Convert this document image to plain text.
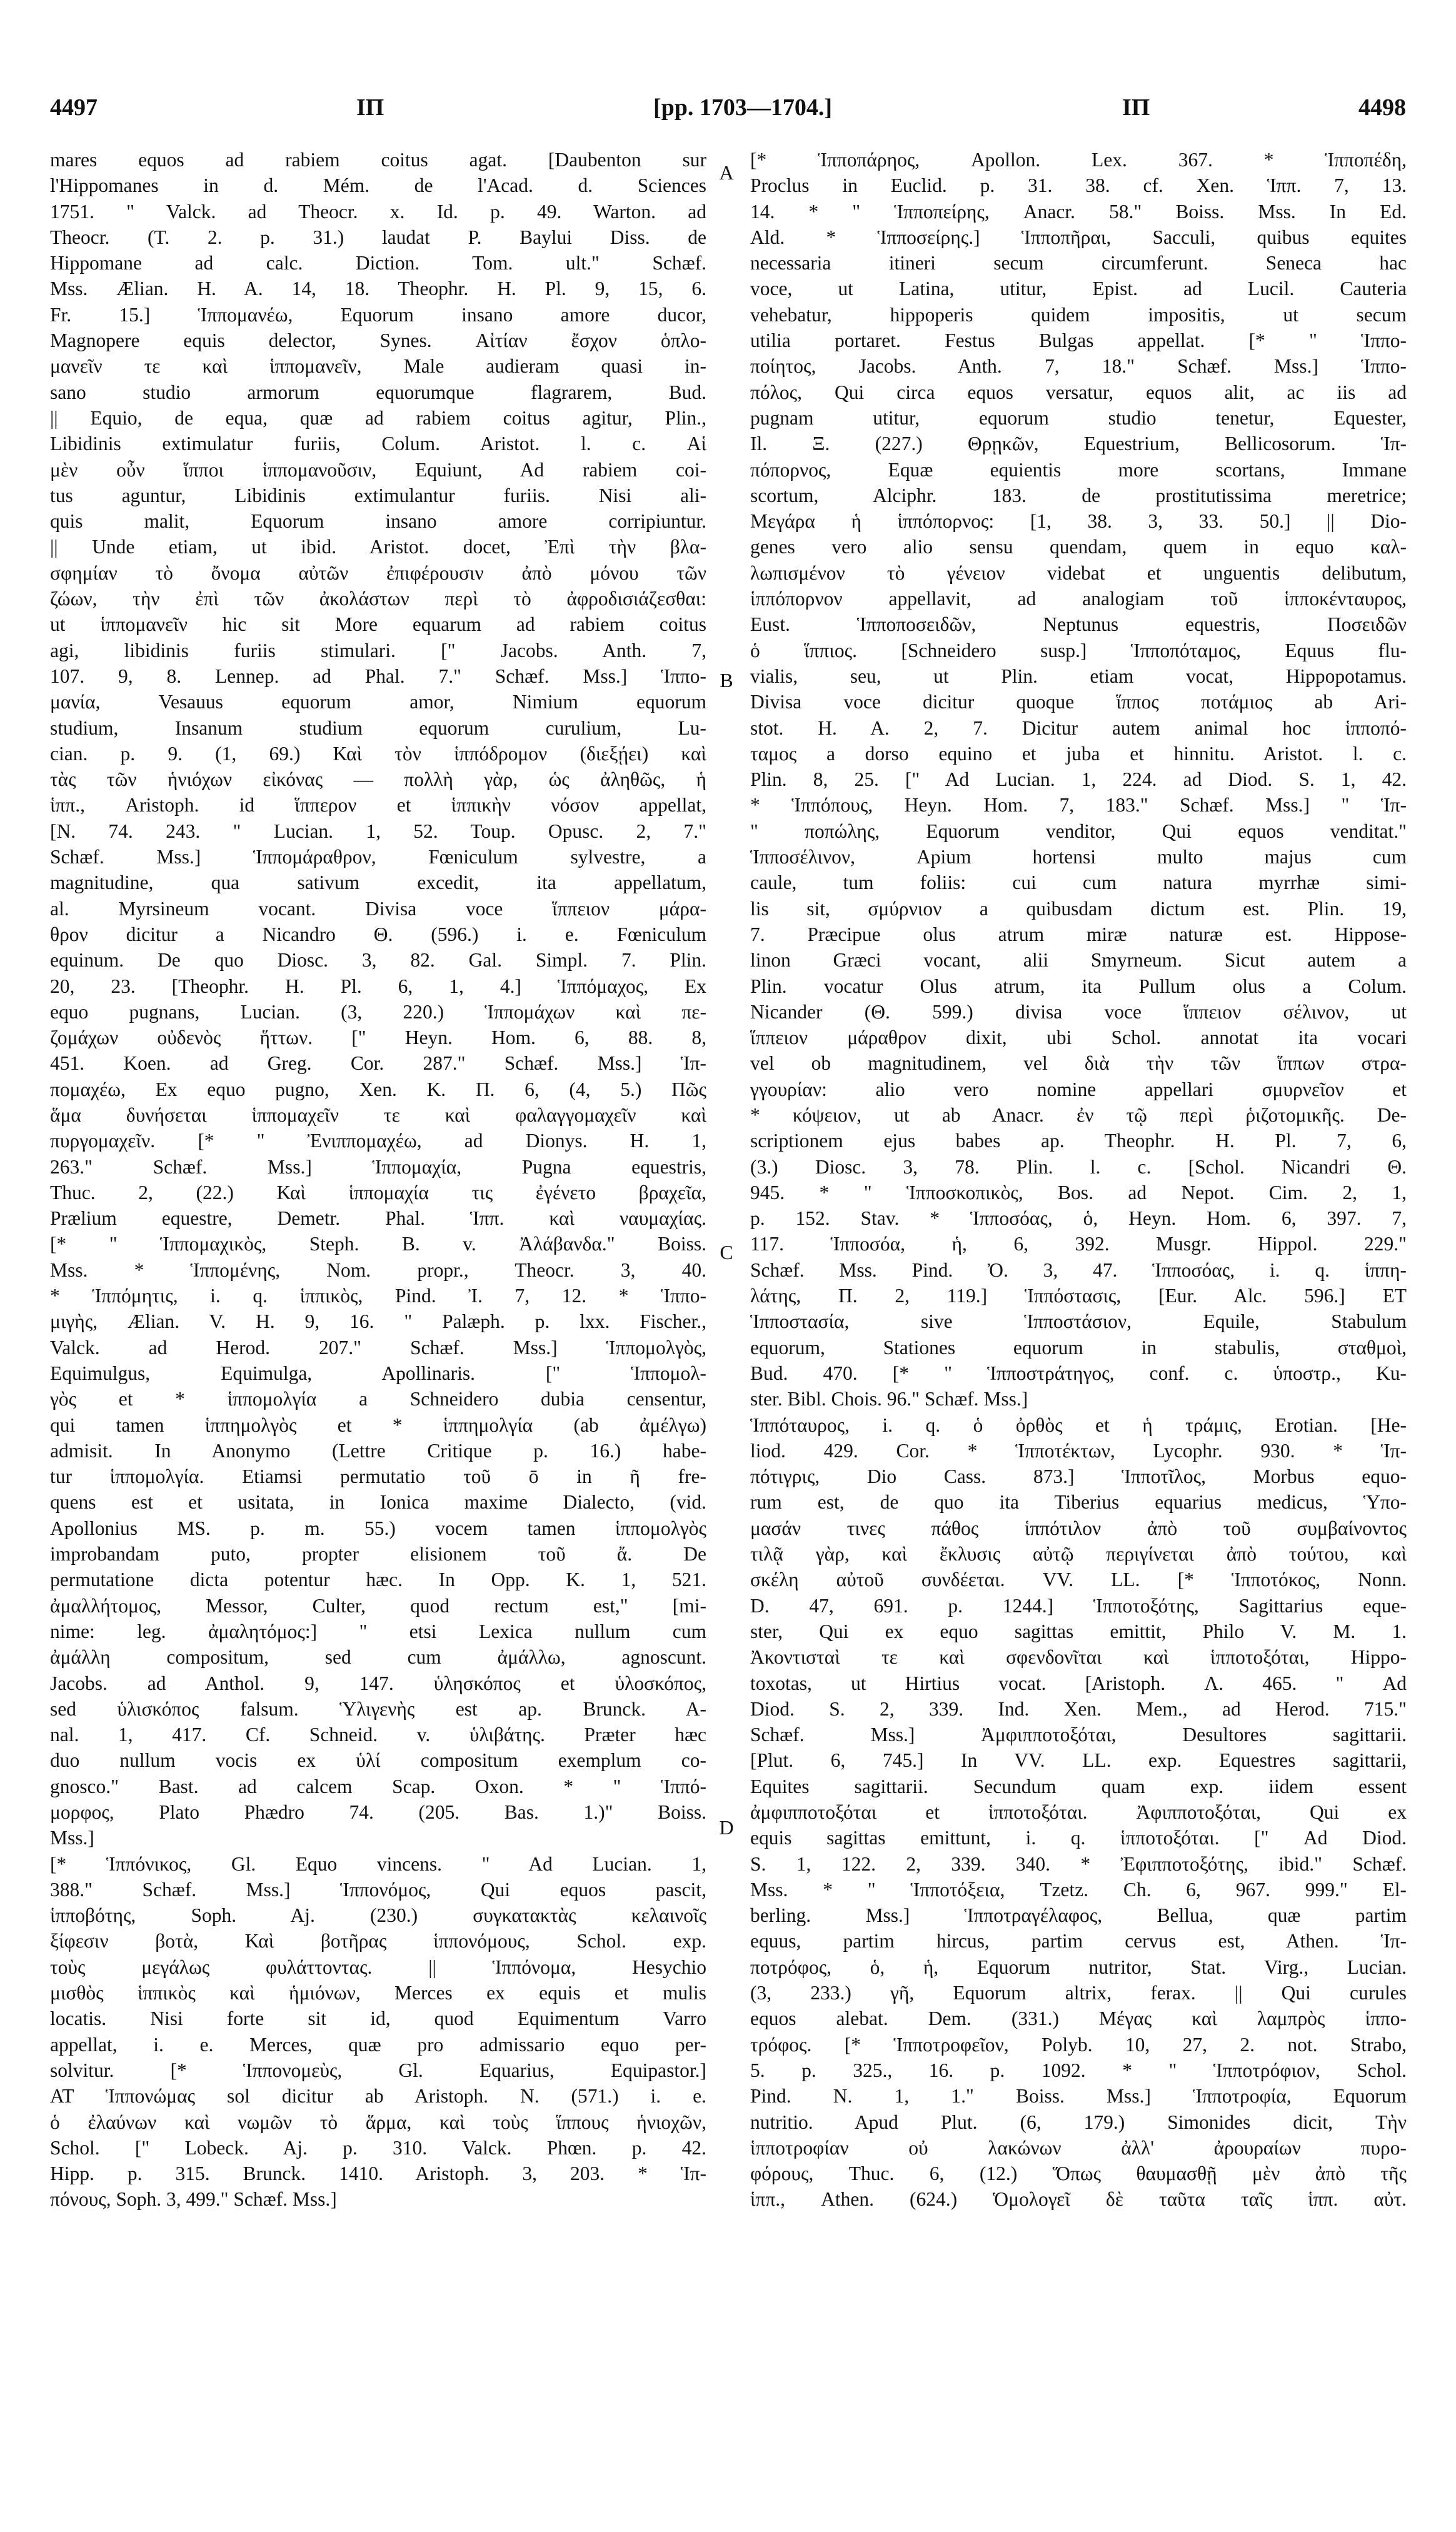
4497	ΙΠ	[pp. 1703—1704.]	ΙΠ	4498
mares equos ad rabiem coitus agat. [Daubenton sur
l'Hippomanes in d. Mém. de l'Acad. d. Sciences
1751. " Valck. ad Theocr. x. Id. p. 49. Warton. ad
Theocr. (T. 2. p. 31.) laudat P. Baylui Diss. de
Hippomane ad calc. Diction. Tom. ult." Schæf.
Mss. Ælian. H. A. 14, 18. Theophr. H. Pl. 9, 15, 6.
Fr. 15.] Ἱππομανέω, Equorum insano amore ducor,
Magnopere equis delector, Synes. Αἰτίαν ἔσχον ὁπλο-
μανεῖν τε καὶ ἱππομανεῖν, Male audieram quasi in-
sano studio armorum equorumque flagrarem, Bud.
|| Equio, de equa, quæ ad rabiem coitus agitur, Plin.,
Libidinis extimulatur furiis, Colum. Aristot. l. c. Αἱ
μὲν οὖν ἵπποι ἱππομανοῦσιν, Equiunt, Ad rabiem coi-
tus aguntur, Libidinis extimulantur furiis. Nisi ali-
quis malit, Equorum insano amore corripiuntur.
|| Unde etiam, ut ibid. Aristot. docet, Ἐπὶ τὴν βλα-
σφημίαν τὸ ὄνομα αὐτῶν ἐπιφέρουσιν ἀπὸ μόνου τῶν
ζώων, τὴν ἐπὶ τῶν ἀκολάστων περὶ τὸ ἀφροδισιάζεσθαι:
ut ἱππομανεῖν hic sit More equarum ad rabiem coitus
agi, libidinis furiis stimulari. [" Jacobs. Anth. 7,
107. 9, 8. Lennep. ad Phal. 7." Schæf. Mss.] Ἱππο-
μανία, Vesauus equorum amor, Nimium equorum
studium, Insanum studium equorum curulium, Lu-
cian. p. 9. (1, 69.) Καὶ τὸν ἱππόδρομον (διεξῄει) καὶ
τὰς τῶν ἡνιόχων εἰκόνας — πολλὴ γὰρ, ὡς ἀληθῶς, ἡ
ἱππ., Aristoph. id ἵππερον et ἱππικὴν νόσον appellat,
[N. 74. 243. " Lucian. 1, 52. Toup. Opusc. 2, 7."
Schæf. Mss.] Ἱππομάραθρον, Fœniculum sylvestre, a
magnitudine, qua sativum excedit, ita appellatum,
al. Myrsineum vocant. Divisa voce ἵππειον μάρα-
θρον dicitur a Nicandro Θ. (596.) i. e. Fœniculum
equinum. De quo Diosc. 3, 82. Gal. Simpl. 7. Plin.
20, 23. [Theophr. H. Pl. 6, 1, 4.] Ἱππόμαχος, Ex
equo pugnans, Lucian. (3, 220.) Ἱππομάχων καὶ πε-
ζομάχων οὐδενὸς ἥττων. [" Heyn. Hom. 6, 88. 8,
451. Koen. ad Greg. Cor. 287." Schæf. Mss.] Ἱπ-
πομαχέω, Ex equo pugno, Xen. K. Π. 6, (4, 5.) Πῶς
ἅμα δυνήσεται ἱππομαχεῖν τε καὶ φαλαγγομαχεῖν καὶ
πυργομαχεῖν. [* " Ἐνιππομαχέω, ad Dionys. H. 1,
263." Schæf. Mss.] Ἱππομαχία, Pugna equestris,
Thuc. 2, (22.) Καὶ ἱππομαχία τις ἐγένετο βραχεῖα,
Prælium equestre, Demetr. Phal. Ἱππ. καὶ ναυμαχίας.
[* " Ἱππομαχικὸς, Steph. B. v. Ἀλάβανδα." Boiss.
Mss. * Ἱππομένης, Nom. propr., Theocr. 3, 40.
* Ἱππόμητις, i. q. ἱππικὸς, Pind. Ἰ. 7, 12. * Ἱππο-
μιγὴς, Ælian. V. H. 9, 16. " Palæph. p. lxx. Fischer.,
Valck. ad Herod. 207." Schæf. Mss.] Ἱππομολγὸς,
Equimulgus, Equimulga, Apollinaris. [" Ἱππομολ-
γὸς et * ἱππομολγία a Schneidero dubia censentur,
qui tamen ἱππημολγὸς et * ἱππημολγία (ab ἀμέλγω)
admisit. In Anonymo (Lettre Critique p. 16.) habe-
tur ἱππομολγία. Etiamsi permutatio τοῦ ō in ῆ fre-
quens est et usitata, in Ionica maxime Dialecto, (vid.
Apollonius MS. p. m. 55.) vocem tamen ἱππομολγὸς
improbandam puto, propter elisionem τοῦ ἄ. De
permutatione dicta potentur hæc. In Opp. K. 1, 521.
ἀμαλλήτομος, Messor, Culter, quod rectum est," [mi-
nime: leg. ἀμαλητόμος:] " etsi Lexica nullum cum
ἀμάλλη compositum, sed cum ἀμάλλω, agnoscunt.
Jacobs. ad Anthol. 9, 147. ὑλησκόπος et ὑλοσκόπος,
sed ὑλισκόπος falsum. Ὑλιγενὴς est ap. Brunck. A-
nal. 1, 417. Cf. Schneid. v. ὑλιβάτης. Præter hæc
duo nullum vocis ex ὑλί compositum exemplum co-
gnosco." Bast. ad calcem Scap. Oxon. * " Ἱππό-
μορφος, Plato Phædro 74. (205. Bas. 1.)" Boiss.
Mss.]
[* Ἱππόνικος, Gl. Equo vincens. " Ad Lucian. 1,
388." Schæf. Mss.] Ἱππονόμος, Qui equos pascit,
ἱπποβότης, Soph. Aj. (230.) συγκατακτὰς κελαινοῖς
ξίφεσιν βοτὰ, Καὶ βοτῆρας ἱππονόμους, Schol. exp.
τοὺς μεγάλως φυλάττοντας. || Ἱππόνομα, Hesychio
μισθὸς ἱππικὸς καὶ ἡμιόνων, Merces ex equis et mulis
locatis. Nisi forte sit id, quod Equimentum Varro
appellat, i. e. Merces, quæ pro admissario equo per-
solvitur. [* Ἱππονομεὺς, Gl. Equarius, Equipastor.]
ΑΤ Ἱππονώμας sol dicitur ab Aristoph. N. (571.) i. e.
ὁ ἐλαύνων καὶ νωμῶν τὸ ἅρμα, καὶ τοὺς ἵππους ἡνιοχῶν,
Schol. [" Lobeck. Aj. p. 310. Valck. Phœn. p. 42.
Hipp. p. 315. Brunck. 1410. Aristoph. 3, 203. * Ἱπ-
πόνους, Soph. 3, 499." Schæf. Mss.]
A
B
C
D
[* Ἱπποπάρηος, Apollon. Lex. 367. * Ἱπποπέδη,
Proclus in Euclid. p. 31. 38. cf. Xen. Ἱππ. 7, 13.
14. * " Ἱπποπείρης, Anacr. 58." Boiss. Mss. In Ed.
Ald. * Ἱπποσείρης.] Ἱπποπῆραι, Sacculi, quibus equites
necessaria itineri secum circumferunt. Seneca hac
voce, ut Latina, utitur, Epist. ad Lucil. Cauteria
vehebatur, hippoperis quidem impositis, ut secum
utilia portaret. Festus Bulgas appellat. [* " Ἱππο-
ποίητος, Jacobs. Anth. 7, 18." Schæf. Mss.] Ἱππο-
πόλος, Qui circa equos versatur, equos alit, ac iis ad
pugnam utitur, equorum studio tenetur, Equester,
Il. Ξ. (227.) Θρῃκῶν, Equestrium, Bellicosorum. Ἱπ-
πόπορνος, Equæ equientis more scortans, Immane
scortum, Alciphr. 183. de prostitutissima meretrice;
Μεγάρα ἡ ἱππόπορνος: [1, 38. 3, 33. 50.] || Dio-
genes vero alio sensu quendam, quem in equo καλ-
λωπισμένον τὸ γένειον videbat et unguentis delibutum,
ἱππόπορνον appellavit, ad analogiam τοῦ ἱπποκένταυρος,
Eust. Ἱπποποσειδῶν, Neptunus equestris, Ποσειδῶν
ὁ ἵππιος. [Schneidero susp.] Ἱπποπόταμος, Equus flu-
vialis, seu, ut Plin. etiam vocat, Hippopotamus.
Divisa voce dicitur quoque ἵππος ποτάμιος ab Ari-
stot. H. A. 2, 7. Dicitur autem animal hoc ἱπποπό-
ταμος a dorso equino et juba et hinnitu. Aristot. l. c.
Plin. 8, 25. [" Ad Lucian. 1, 224. ad Diod. S. 1, 42.
* Ἱππόπους, Heyn. Hom. 7, 183." Schæf. Mss.] " Ἱπ-
" ποπώλης, Equorum venditor, Qui equos venditat."
Ἱπποσέλινον, Apium hortensi multo majus cum
caule, tum foliis: cui cum natura myrrhæ simi-
lis sit, σμύρνιον a quibusdam dictum est. Plin. 19,
7. Præcipue olus atrum miræ naturæ est. Hippose-
linon Græci vocant, alii Smyrneum. Sicut autem a
Plin. vocatur Olus atrum, ita Pullum olus a Colum.
Nicander (Θ. 599.) divisa voce ἵππειον σέλινον, ut
ἵππειον μάραθρον dixit, ubi Schol. annotat ita vocari
vel ob magnitudinem, vel διὰ τὴν τῶν ἵππων στρα-
γγουρίαν: alio vero nomine appellari σμυρνεῖον et
* κόψειον, ut ab Anacr. ἐν τῷ περὶ ῥιζοτομικῆς. De-
scriptionem ejus babes ap. Theophr. H. Pl. 7, 6,
(3.) Diosc. 3, 78. Plin. l. c. [Schol. Nicandri Θ.
945. * " Ἱπποσκοπικὸς, Bos. ad Nepot. Cim. 2, 1,
p. 152. Stav. * Ἱπποσόας, ὁ, Heyn. Hom. 6, 397. 7,
117. Ἱπποσόα, ἡ, 6, 392. Musgr. Hippol. 229."
Schæf. Mss. Pind. Ὀ. 3, 47. Ἱπποσόας, i. q. ἱππη-
λάτης, Π. 2, 119.] Ἱππόστασις, [Eur. Alc. 596.] ET
Ἱπποστασία, sive Ἱπποστάσιον, Equile, Stabulum
equorum, Stationes equorum in stabulis, σταθμοὶ,
Bud. 470. [* " Ἱπποστράτηγος, conf. c. ὑποστρ., Ku-
ster. Bibl. Chois. 96." Schæf. Mss.]
Ἱππόταυρος, i. q. ὁ ὀρθὸς et ἡ τράμις, Erotian. [He-
liod. 429. Cor. * Ἱπποτέκτων, Lycophr. 930. * Ἱπ-
πότιγρις, Dio Cass. 873.] Ἱπποτῖλος, Morbus equo-
rum est, de quo ita Tiberius equarius medicus, Ὑπο-
μασάν τινες πάθος ἱππότιλον ἀπὸ τοῦ συμβαίνοντος
τιλᾷ γὰρ, καὶ ἔκλυσις αὐτῷ περιγίνεται ἀπὸ τούτου, καὶ
σκέλη αὐτοῦ συνδέεται. VV. LL. [* Ἱπποτόκος, Nonn.
D. 47, 691. p. 1244.] Ἱπποτοξότης, Sagittarius eque-
ster, Qui ex equo sagittas emittit, Philo V. M. 1.
Ἀκοντισταὶ τε καὶ σφενδονῖται καὶ ἱπποτοξόται, Hippo-
toxotas, ut Hirtius vocat. [Aristoph. Λ. 465. " Ad
Diod. S. 2, 339. Ind. Xen. Mem., ad Herod. 715."
Schæf. Mss.] Ἀμφιπποτοξόται, Desultores sagittarii.
[Plut. 6, 745.] In VV. LL. exp. Equestres sagittarii,
Equites sagittarii. Secundum quam exp. iidem essent
ἀμφιπποτοξόται et ἱπποτοξόται. Ἀφιπποτοξόται, Qui ex
equis sagittas emittunt, i. q. ἱπποτοξόται. [" Ad Diod.
S. 1, 122. 2, 339. 340. * Ἐφιπποτοξότης, ibid." Schæf.
Mss. * " Ἱπποτόξεια, Tzetz. Ch. 6, 967. 999." El-
berling. Mss.] Ἱπποτραγέλαφος, Bellua, quæ partim
equus, partim hircus, partim cervus est, Athen. Ἱπ-
ποτρόφος, ὁ, ἡ, Equorum nutritor, Stat. Virg., Lucian.
(3, 233.) γῆ, Equorum altrix, ferax. || Qui curules
equos alebat. Dem. (331.) Μέγας καὶ λαμπρὸς ἱππο-
τρόφος. [* Ἱπποτροφεῖον, Polyb. 10, 27, 2. not. Strabo,
5. p. 325., 16. p. 1092. * " Ἱπποτρόφιον, Schol.
Pind. N. 1, 1." Boiss. Mss.] Ἱπποτροφία, Equorum
nutritio. Apud Plut. (6, 179.) Simonides dicit, Τὴν
ἱπποτροφίαν οὐ λακώνων ἀλλ' ἀρουραίων πυρο-
φόρους, Thuc. 6, (12.) Ὅπως θαυμασθῇ μὲν ἀπὸ τῆς
ἱππ., Athen. (624.) Ὁμολογεῖ δὲ ταῦτα ταῖς ἱππ. αὐτ.
